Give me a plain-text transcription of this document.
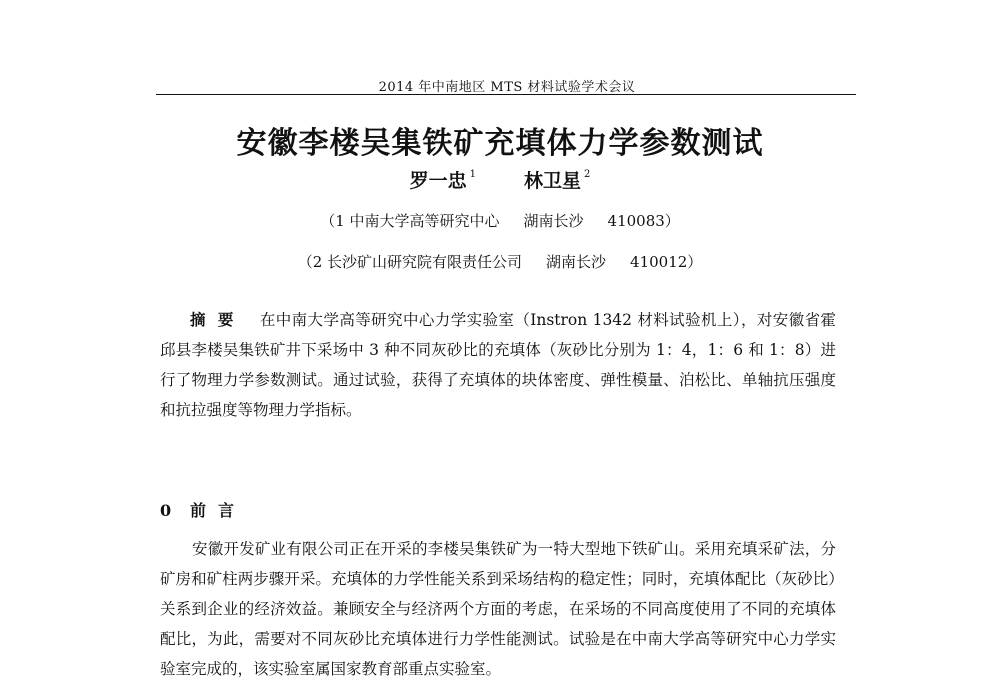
2014 年中南地区 MTS 材料试验学术会议
安徽李楼吴集铁矿充填体力学参数测试
罗一忠 $^1$	林卫星 $^2$
（1 中南大学高等研究中心 湖南长沙 410083）
（2 长沙矿山研究院有限责任公司 湖南长沙 410012）
摘要 在中南大学高等研究中心力学实验室（Instron 1342 材料试验机上），对安徽省霍邱县李楼吴集铁矿井下采场中 3 种不同灰砂比的充填体（灰砂比分别为 1：4，1：6 和 1：8）进行了物理力学参数测试。通过试验，获得了充填体的块体密度、弹性模量、泊松比、单轴抗压强度和抗拉强度等物理力学指标。
0 前言
安徽开发矿业有限公司正在开采的李楼吴集铁矿为一特大型地下铁矿山。采用充填采矿法，分矿房和矿柱两步骤开采。充填体的力学性能关系到采场结构的稳定性；同时，充填体配比（灰砂比）关系到企业的经济效益。兼顾安全与经济两个方面的考虑，在采场的不同高度使用了不同的充填体配比，为此，需要对不同灰砂比充填体进行力学性能测试。试验是在中南大学高等研究中心力学实验室完成的，该实验室属国家教育部重点实验室。
